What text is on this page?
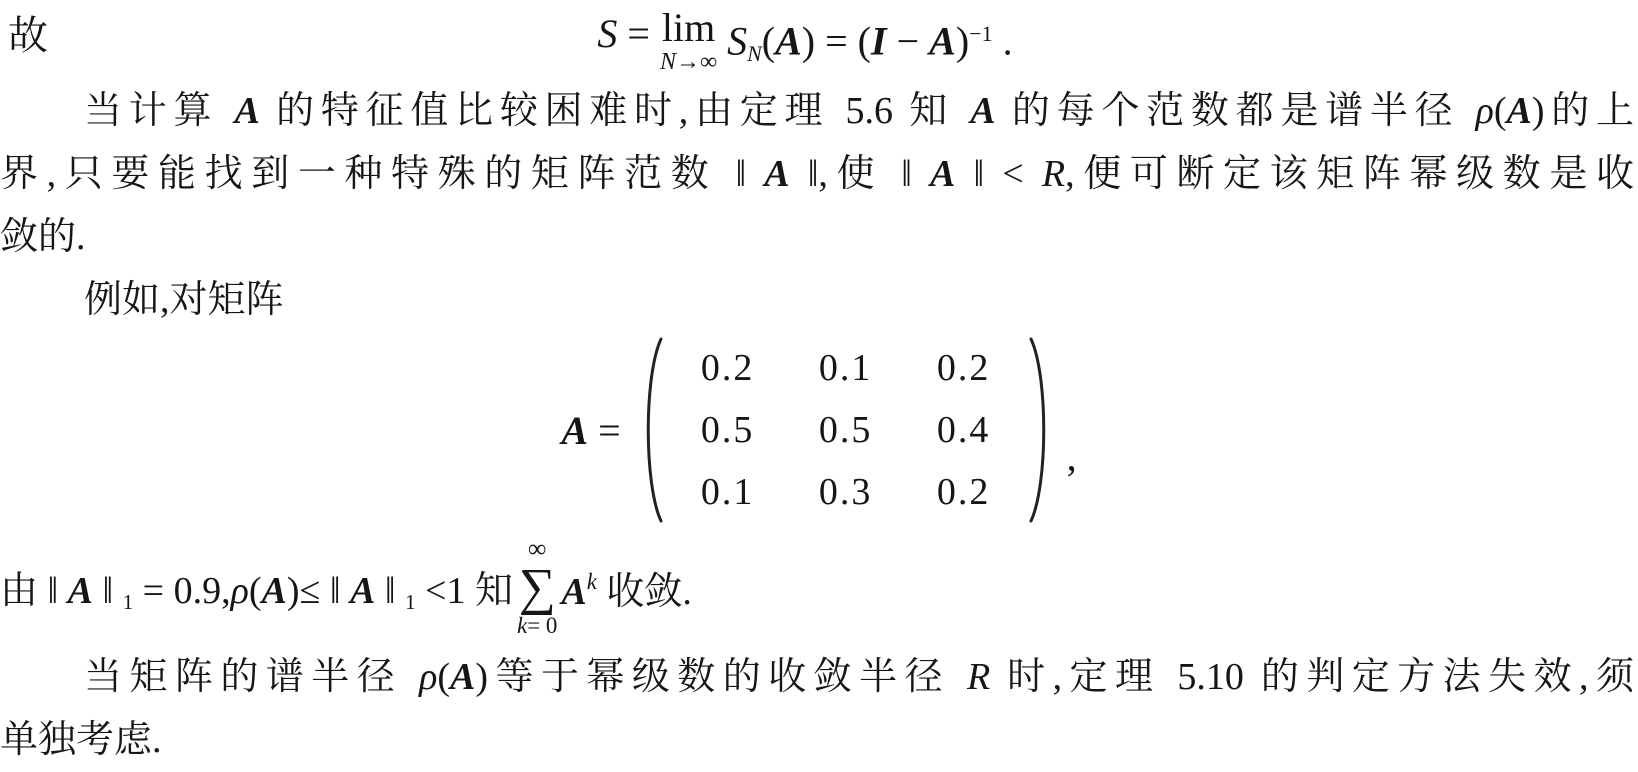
故	S = lim
N→∞ $SN(A) = (I - A)^{-1}$ .
当计算 A 的特征值比较困难时,由定理 5.6 知 A 的每个范数都是谱半径 ρ(A)的上
界,只要能找到一种特殊的矩阵范数 ‖ A ‖,使 ‖ A ‖ < R,便可断定该矩阵幂级数是收
敛的.
例如,对矩阵
A =
0.2	0.1	0.2
0.5	0.5	0.4
0.1	0.3	0.2
,
由 ‖ A ‖ 1 = 0.9,ρ(A)≤ ‖ A ‖ 1 <1 知
∞
∑
k= 0
$A^k$ 收敛.
当矩阵的谱半径 ρ(A)等于幂级数的收敛半径 R 时,定理 5.10 的判定方法失效,须
单独考虑.
